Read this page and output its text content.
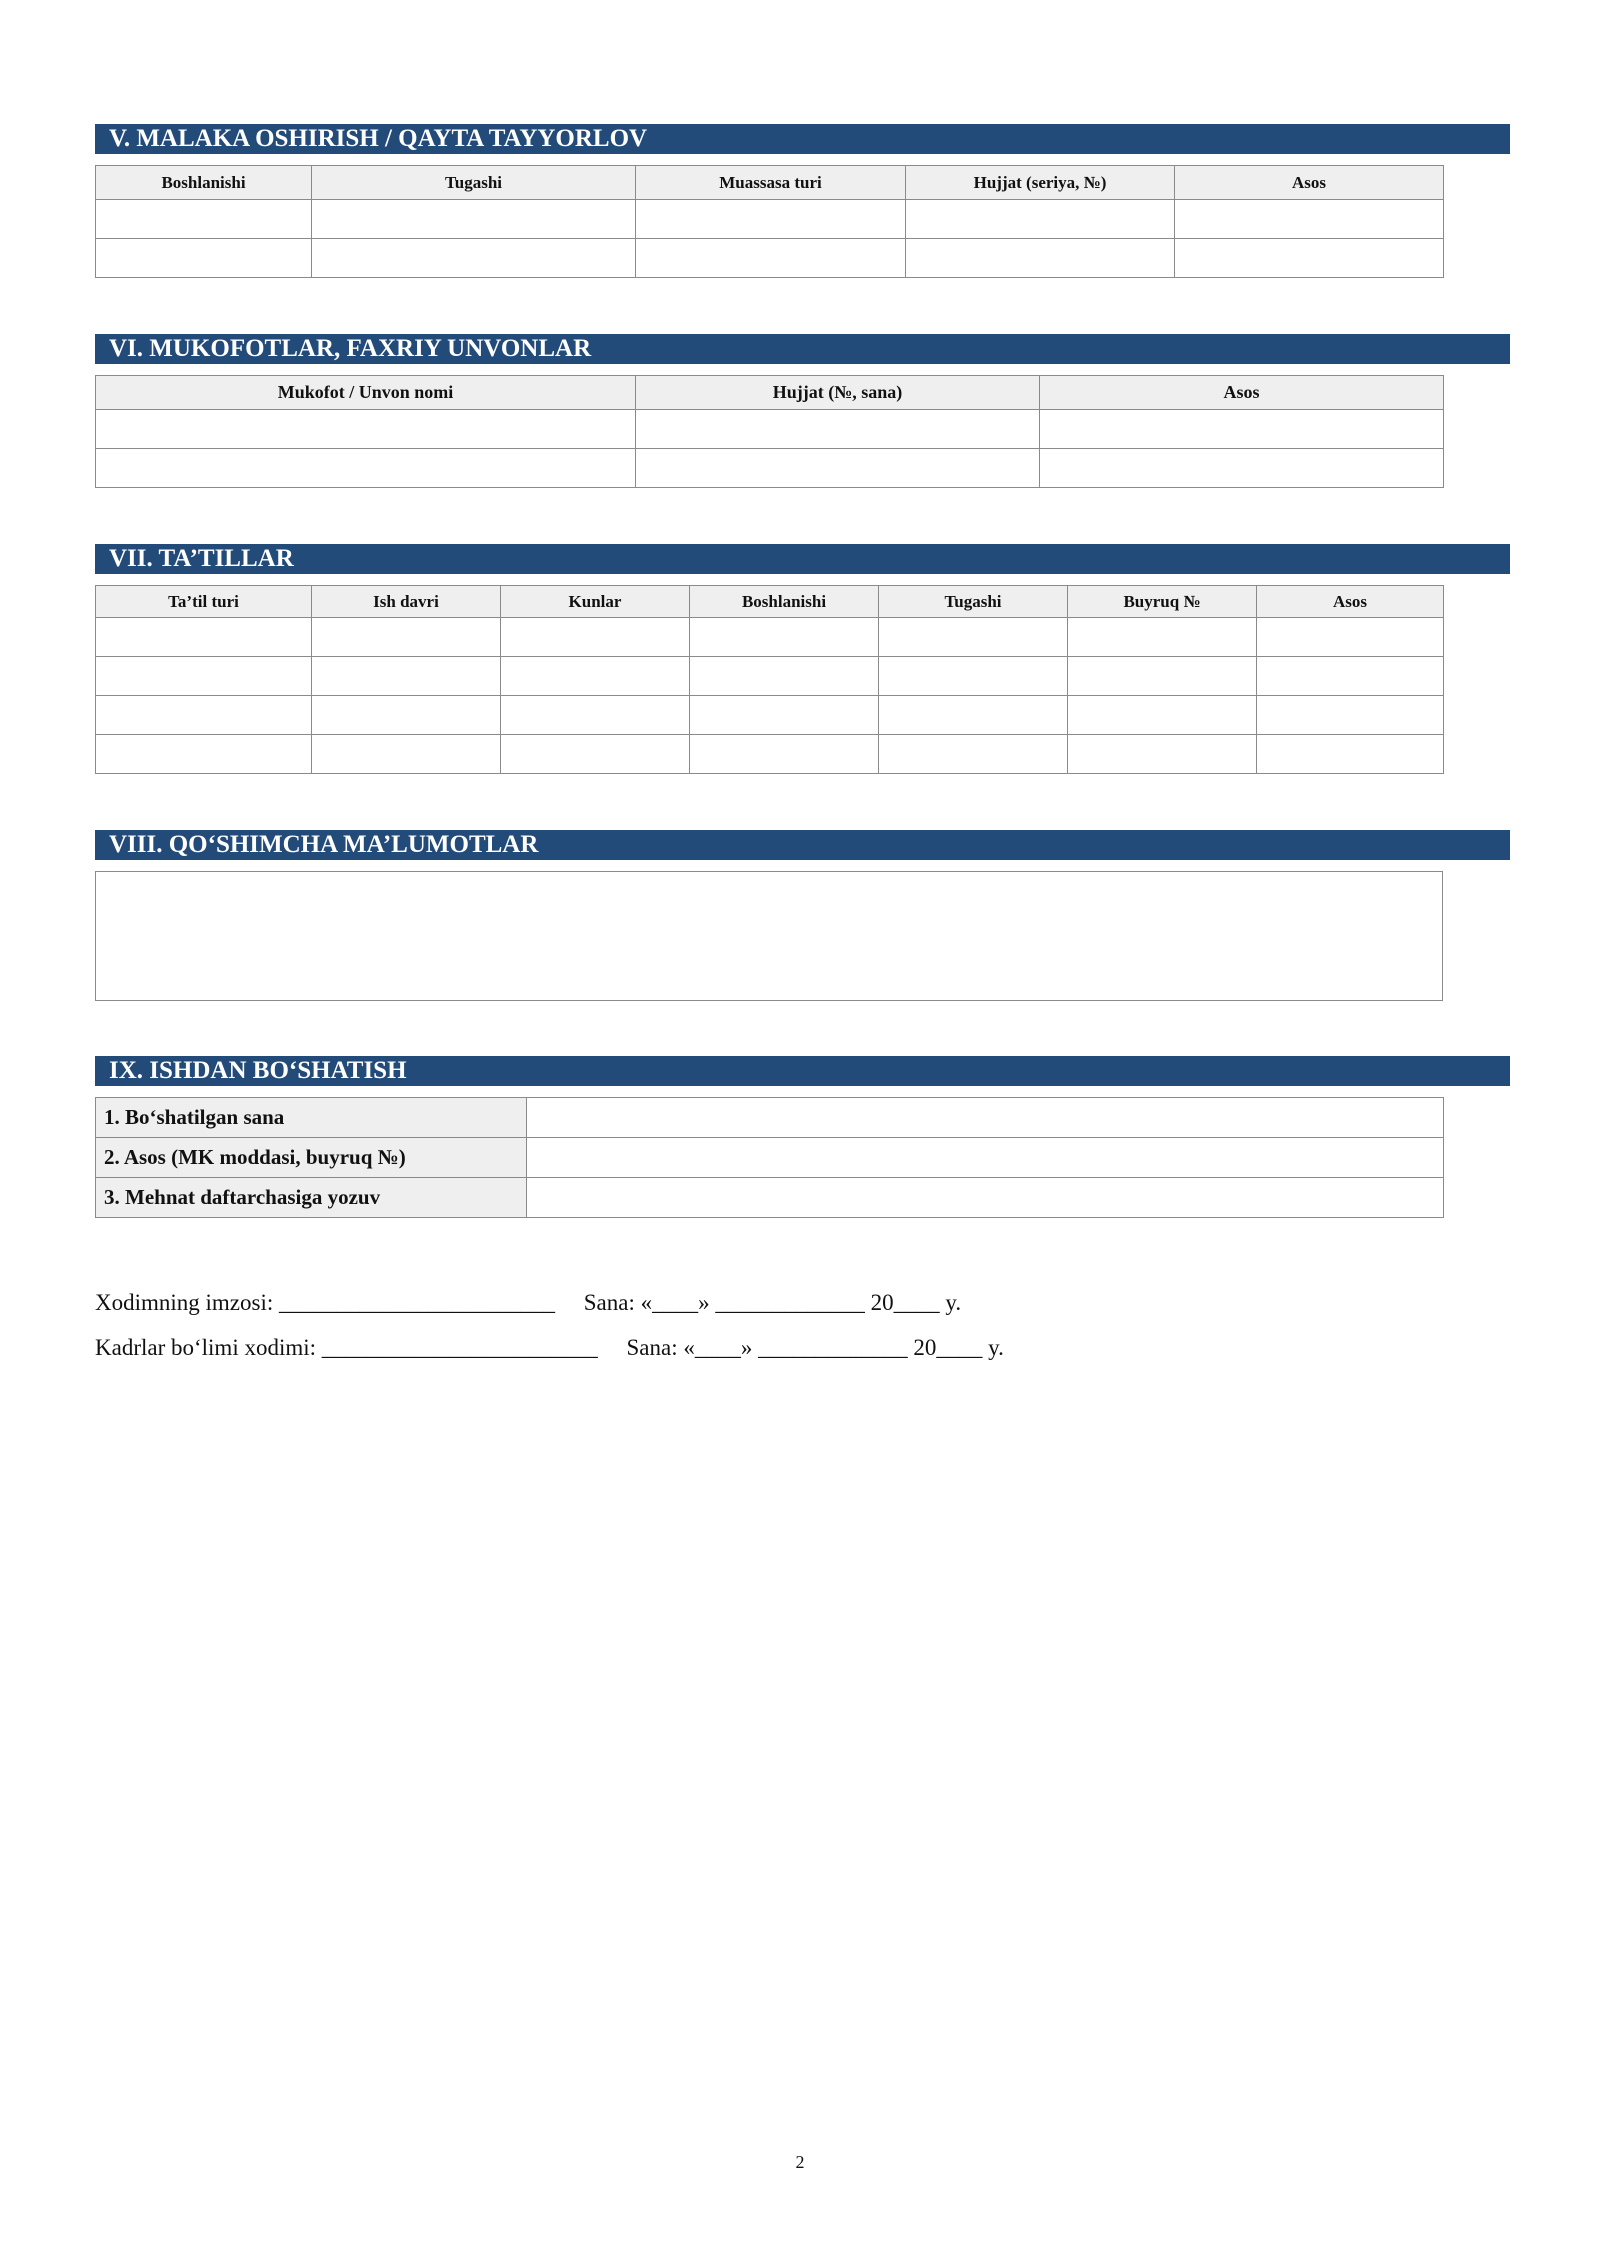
V. MALAKA OSHIRISH / QAYTA TAYYORLOV
Boshlanishi	Tugashi	Muassasa turi	Hujjat (seriya, №)	Asos

VI. MUKOFOTLAR, FAXRIY UNVONLAR
Mukofot / Unvon nomi	Hujjat (№, sana)	Asos

VII. TA’TILLAR
Ta’til turi	Ish davri	Kunlar	Boshlanishi	Tugashi	Buyruq №	Asos

VIII. QO‘SHIMCHA MA’LUMOTLAR
IX. ISHDAN BO‘SHATISH
1. Bo‘shatilgan sana	
2. Asos (MK moddasi, buyruq №)	
3. Mehnat daftarchasiga yozuv	
Xodimning imzosi: ________________________     Sana: «____» _____________ 20____ y.
Kadrlar bo‘limi xodimi: ________________________     Sana: «____» _____________ 20____ y.
2
